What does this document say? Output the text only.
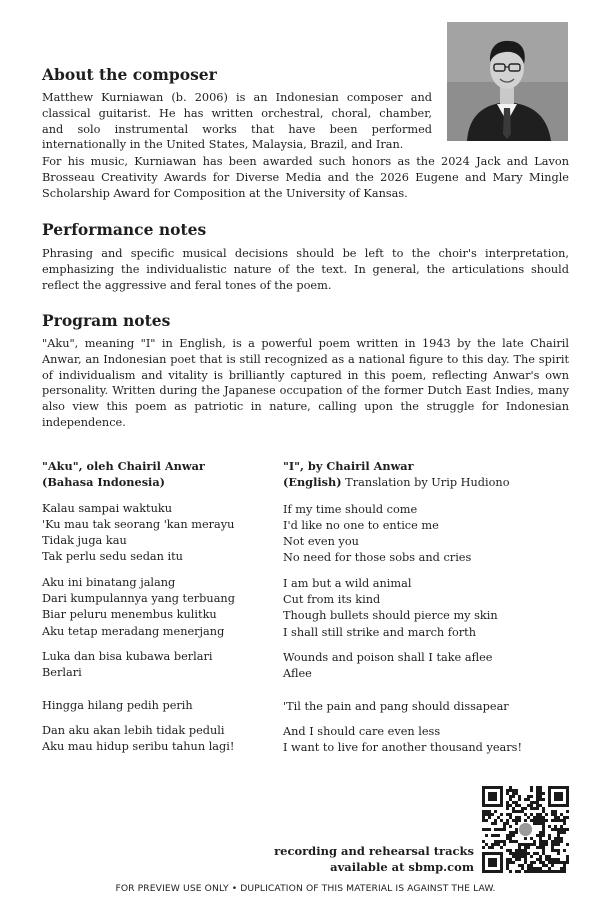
About the composer
Matthew Kurniawan (b. 2006) is an Indonesian composer and
classical guitarist. He has written orchestral, choral, chamber,
and solo instrumental works that have been performed
internationally in the United States, Malaysia, Brazil, and Iran.

For his music, Kurniawan has been awarded such honors as the 2024 Jack and Lavon Brosseau Creativity Awards for Diverse Media and the 2026 Eugene and Mary Mingle Scholarship Award for Composition at the University of Kansas.

Performance notes

Phrasing and specific musical decisions should be left to the choir's interpretation, emphasizing the individualistic nature of the text. In general, the articulations should reflect the aggressive and feral tones of the poem.

Program notes

"Aku", meaning "I" in English, is a powerful poem written in 1943 by the late Chairil Anwar, an Indonesian poet that is still recognized as a national figure to this day. The spirit of individualism and vitality is brilliantly captured in this poem, reflecting Anwar's own personality. Written during the Japanese occupation of the former Dutch East Indies, many also view this poem as patriotic in nature, calling upon the struggle for Indonesian independence.

"Aku", oleh Chairil Anwar
(Bahasa Indonesia)
Kalau sampai waktuku
'Ku mau tak seorang 'kan merayu
Tidak juga kau
Tak perlu sedu sedan itu
Aku ini binatang jalang
Dari kumpulannya yang terbuang
Biar peluru menembus kulitku
Aku tetap meradang menerjang
Luka dan bisa kubawa berlari
Berlari
Hingga hilang pedih perih
Dan aku akan lebih tidak peduli
Aku mau hidup seribu tahun lagi!
"I", by Chairil Anwar
(English) Translation by Urip Hudiono
If my time should come
I'd like no one to entice me
Not even you
No need for those sobs and cries
I am but a wild animal
Cut from its kind
Though bullets should pierce my skin
I shall still strike and march forth
Wounds and poison shall I take aflee
Aflee
'Til the pain and pang should dissapear
And I should care even less
I want to live for another thousand years!
recording and rehearsal tracks
available at sbmp.com
FOR PREVIEW USE ONLY • DUPLICATION OF THIS MATERIAL IS AGAINST THE LAW.
